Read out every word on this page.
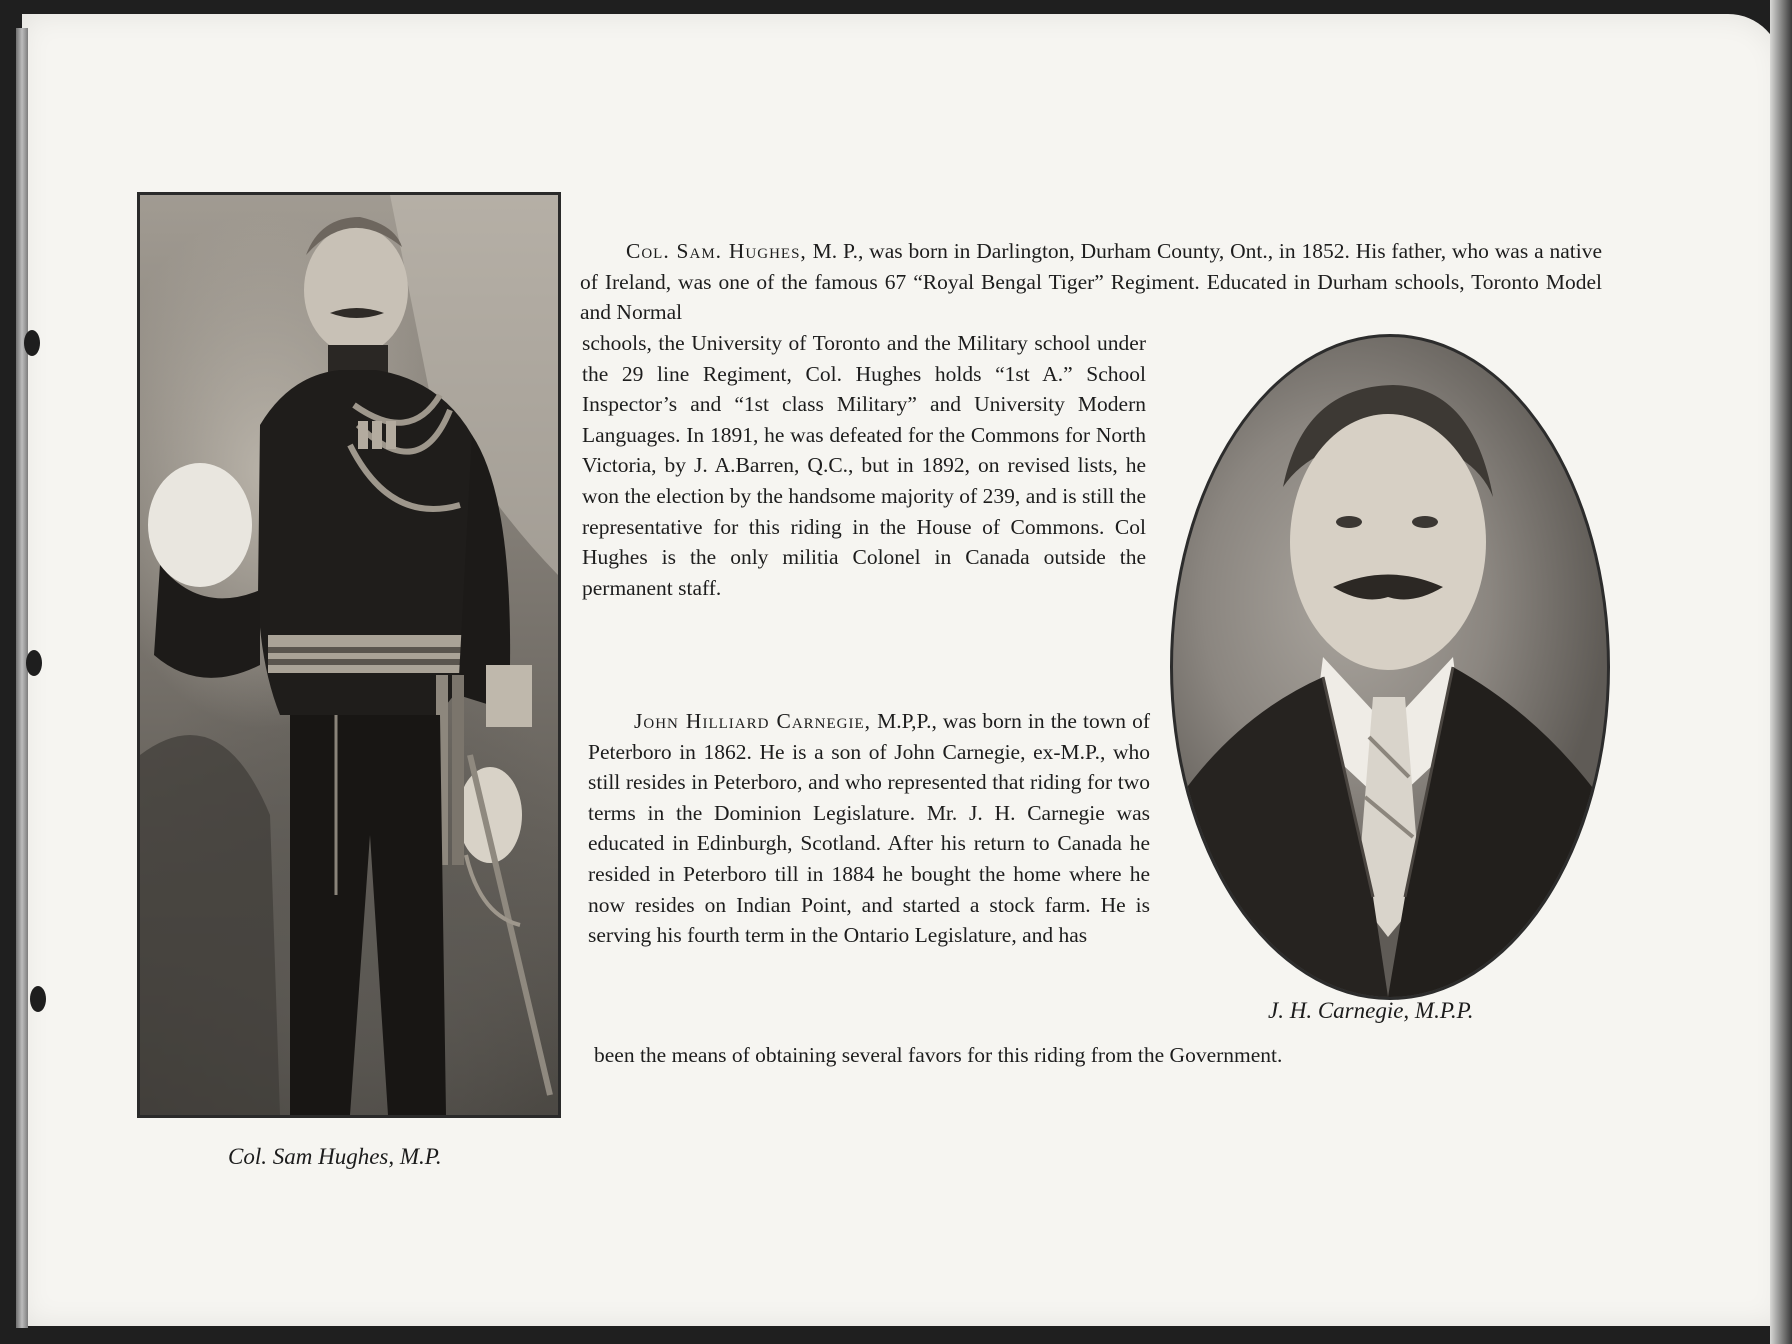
Col. Sam. Hughes, M. P., was born in Darlington, Durham County, Ont., in 1852. His father, who was a native of Ireland, was one of the famous 67 “Royal Bengal Tiger” Regiment. Educated in Durham schools, Toronto Model and Normal
schools, the University of Toronto and the Military school under the 29 line Regiment, Col. Hughes holds “1st A.” School Inspector’s and “1st class Military” and University Modern Languages. In 1891, he was defeated for the Commons for North Victoria, by J. A.Barren, Q.C., but in 1892, on revised lists, he won the election by the handsome majority of 239, and is still the representative for this riding in the House of Commons. Col Hughes is the only militia Colonel in Canada outside the permanent staff.
John Hilliard Carnegie, M.P,P., was born in the town of Peterboro in 1862. He is a son of John Carnegie, ex-M.P., who still resides in Peterboro, and who represented that riding for two terms in the Dominion Legislature. Mr. J. H. Carnegie was educated in Edinburgh, Scotland. After his return to Canada he resided in Peterboro till in 1884 he bought the home where he now resides on Indian Point, and started a stock farm. He is serving his fourth term in the Ontario Legislature, and has
been the means of obtaining several favors for this riding from the Government.
Col. Sam Hughes, M.P.
J. H. Carnegie, M.P.P.
